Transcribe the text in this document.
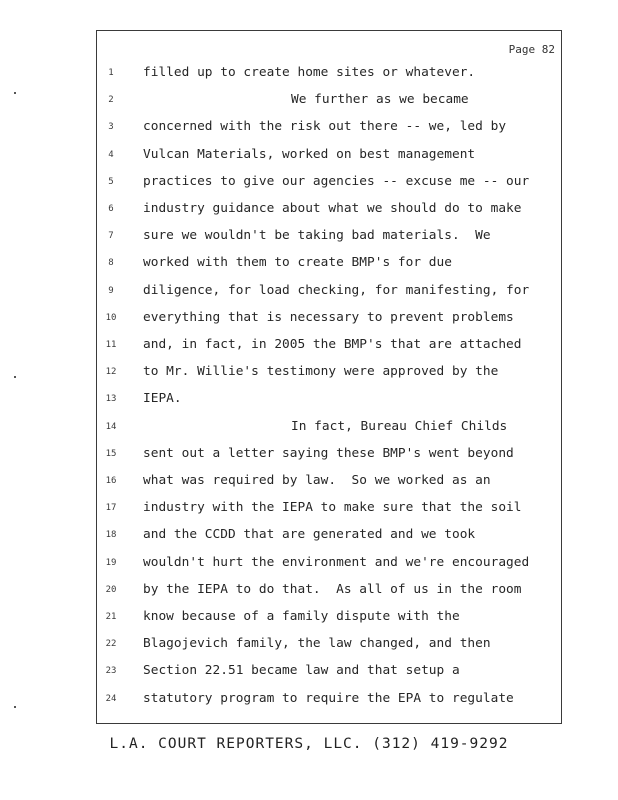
Page 82
1	filled up to create home sites or whatever.
2	We further as we became
3	concerned with the risk out there -- we, led by
4	Vulcan Materials, worked on best management
5	practices to give our agencies -- excuse me -- our
6	industry guidance about what we should do to make
7	sure we wouldn't be taking bad materials.  We
8	worked with them to create BMP's for due
9	diligence, for load checking, for manifesting, for
10	everything that is necessary to prevent problems
11	and, in fact, in 2005 the BMP's that are attached
12	to Mr. Willie's testimony were approved by the
13	IEPA.
14	In fact, Bureau Chief Childs
15	sent out a letter saying these BMP's went beyond
16	what was required by law.  So we worked as an
17	industry with the IEPA to make sure that the soil
18	and the CCDD that are generated and we took
19	wouldn't hurt the environment and we're encouraged
20	by the IEPA to do that.  As all of us in the room
21	know because of a family dispute with the
22	Blagojevich family, the law changed, and then
23	Section 22.51 became law and that setup a
24	statutory program to require the EPA to regulate
L.A. COURT REPORTERS, LLC. (312) 419-9292
